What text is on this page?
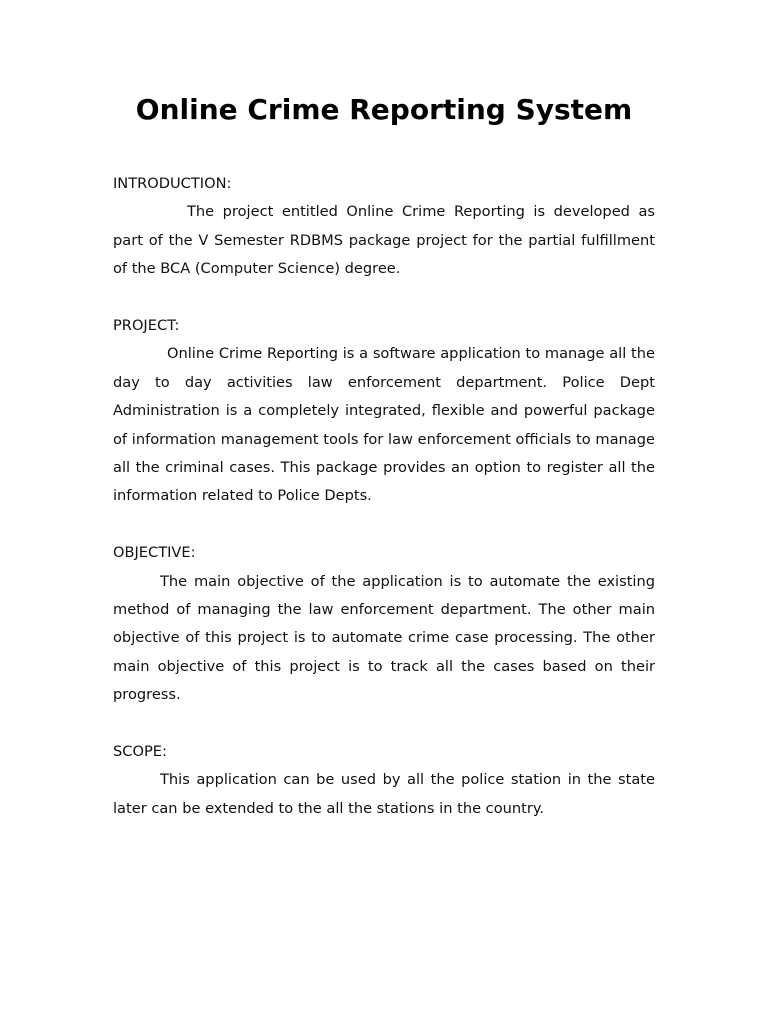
Online Crime Reporting System

INTRODUCTION:

The project entitled Online Crime Reporting is developed as part of the V Semester RDBMS package project for the partial fulfillment of the BCA (Computer Science) degree.

PROJECT:

Online Crime Reporting is a software application to manage all the day to day activities law enforcement department. Police Dept Administration is a completely integrated, flexible and powerful package of information management tools for law enforcement officials to manage all the criminal cases. This package provides an option to register all the information related to Police Depts.

OBJECTIVE:

The main objective of the application is to automate the existing method of managing the law enforcement department. The other main objective of this project is to automate crime case processing. The other main objective of this project is to track all the cases based on their progress.

SCOPE:

This application can be used by all the police station in the state later can be extended to the all the stations in the country.
